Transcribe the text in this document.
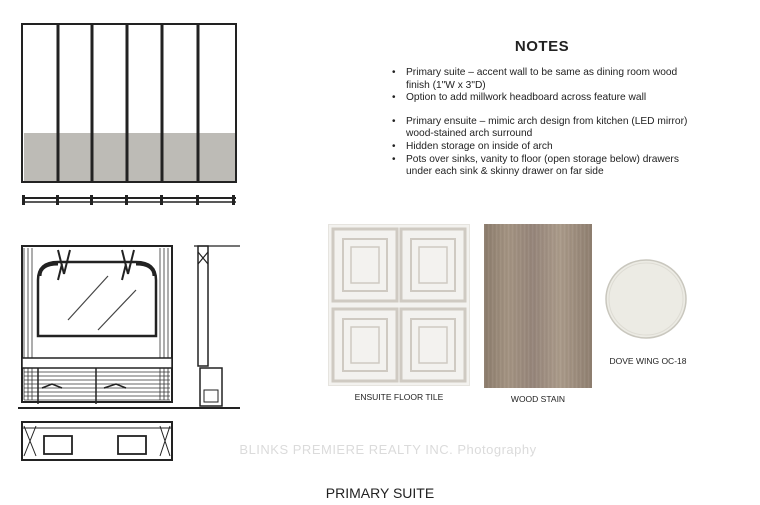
NOTES
• Primary suite – accent wall to be same as dining room wood finish (1"W x 3"D)
• Option to add millwork headboard across feature wall
• Primary ensuite – mimic arch design from kitchen (LED mirror) wood-stained arch surround
• Hidden storage on inside of arch
• Pots over sinks, vanity to floor (open storage below) drawers under each sink & skinny drawer on far side
ENSUITE FLOOR TILE	WOOD STAIN
DOVE WING OC-18
BLINKS PREMIERE REALTY INC. Photography
PRIMARY SUITE
